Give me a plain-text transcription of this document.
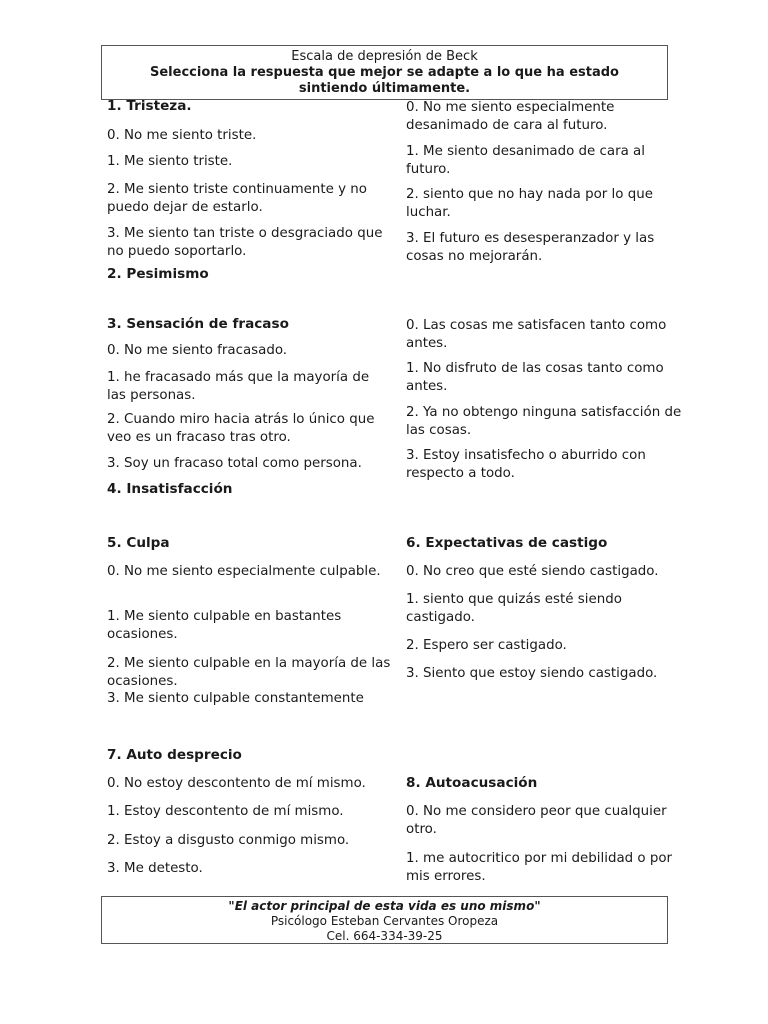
Escala de depresión de Beck
Selecciona la respuesta que mejor se adapte a lo que ha estado
sintiendo últimamente.

1. Tristeza.

0. No me siento triste.

1. Me siento triste.

2. Me siento triste continuamente y no puedo dejar de estarlo.

3. Me siento tan triste o desgraciado que no puedo soportarlo.

2. Pesimismo

3. Sensación de fracaso

0. No me siento fracasado.

1. he fracasado más que la mayoría de las personas.

2. Cuando miro hacia atrás lo único que veo es un fracaso tras otro.

3. Soy un fracaso total como persona.

4. Insatisfacción

5. Culpa

0. No me siento especialmente culpable.

1. Me siento culpable en bastantes ocasiones.

2. Me siento culpable en la mayoría de las ocasiones.

3. Me siento culpable constantemente

7. Auto desprecio

0. No estoy descontento de mí mismo.

1. Estoy descontento de mí mismo.

2. Estoy a disgusto conmigo mismo.

3. Me detesto.

0. No me siento especialmente desanimado de cara al futuro.

1. Me siento desanimado de cara al futuro.

2. siento que no hay nada por lo que luchar.

3. El futuro es desesperanzador y las cosas no mejorarán.

0. Las cosas me satisfacen tanto como antes.

1. No disfruto de las cosas tanto como antes.

2. Ya no obtengo ninguna satisfacción de las cosas.

3. Estoy insatisfecho o aburrido con respecto a todo.

6. Expectativas de castigo

0. No creo que esté siendo castigado.

1. siento que quizás esté siendo castigado.

2. Espero ser castigado.

3. Siento que estoy siendo castigado.

8. Autoacusación

0. No me considero peor que cualquier otro.

1. me autocritico por mi debilidad o por mis errores.

"El actor principal de esta vida es uno mismo"
Psicólogo Esteban Cervantes Oropeza
Cel. 664-334-39-25
